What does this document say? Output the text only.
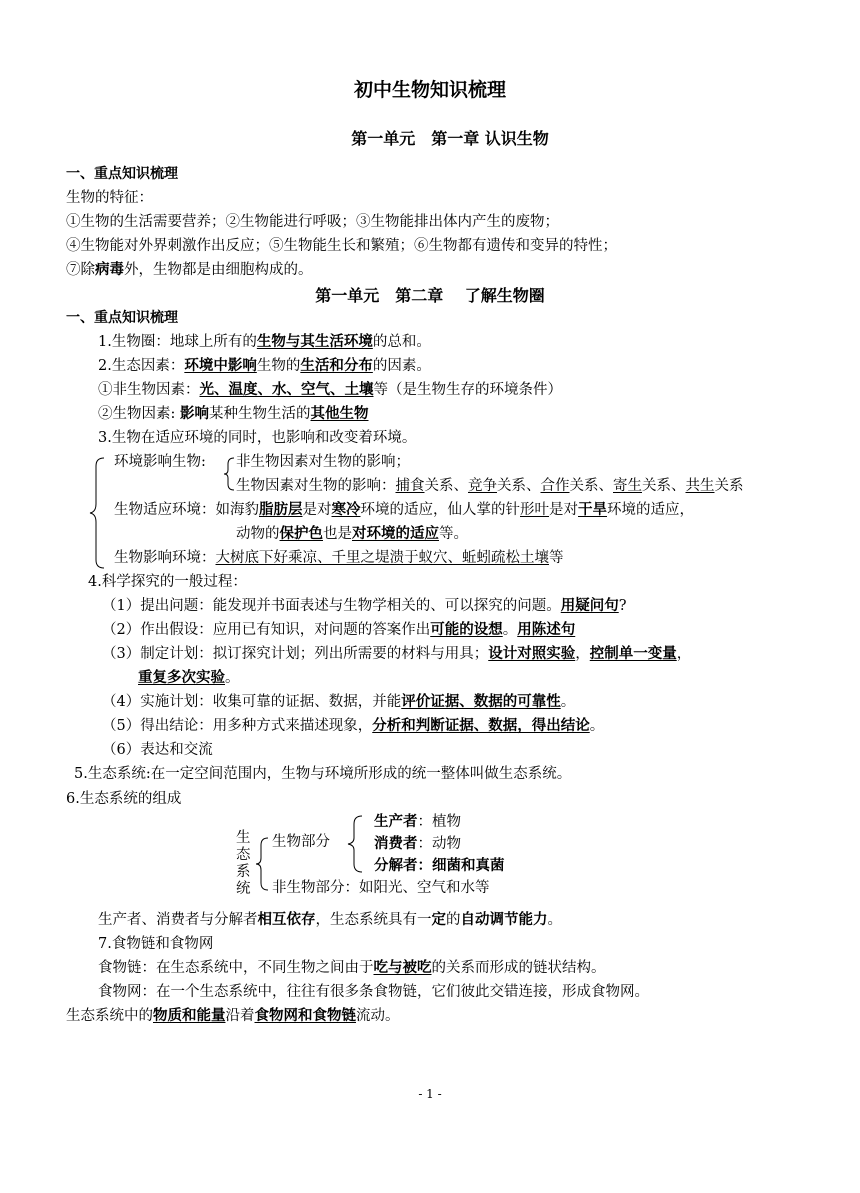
初中生物知识梳理
第一单元　第一章 认识生物
一、重点知识梳理
生物的特征：
①生物的生活需要营养；②生物能进行呼吸；③生物能排出体内产生的废物；
④生物能对外界刺激作出反应；⑤生物能生长和繁殖；⑥生物都有遗传和变异的特性；
⑦除病毒外，生物都是由细胞构成的。
第一单元　第二章　 了解生物圈
一、重点知识梳理
1.生物圈：地球上所有的生物与其生活环境的总和。
2.生态因素：环境中影响生物的生活和分布的因素。
①非生物因素：光、温度、水、空气、土壤等（是生物生存的环境条件）
②生物因素: 影响某种生物生活的其他生物
3.生物在适应环境的同时，也影响和改变着环境。
环境影响生物: 非生物因素对生物的影响；
生物因素对生物的影响：捕食关系、竞争关系、合作关系、寄生关系、共生关系
生物适应环境：如海豹脂肪层是对寒冷环境的适应，仙人掌的针形叶是对干旱环境的适应，
动物的保护色也是对环境的适应等。
生物影响环境：大树底下好乘凉、千里之堤溃于蚁穴、蚯蚓疏松土壤等
4.科学探究的一般过程：
（1）提出问题：能发现并书面表述与生物学相关的、可以探究的问题。用疑问句?
（2）作出假设：应用已有知识，对问题的答案作出可能的设想。用陈述句
（3）制定计划：拟订探究计划；列出所需要的材料与用具；设计对照实验，控制单一变量，
重复多次实验。
（4）实施计划：收集可靠的证据、数据，并能评价证据、数据的可靠性。
（5）得出结论：用多种方式来描述现象，分析和判断证据、数据，得出结论。
（6）表达和交流
5.生态系统:在一定空间范围内，生物与环境所形成的统一整体叫做生态系统。
6.生态系统的组成
生
态
系
统
生物部分
生产者：植物
消费者：动物
分解者：细菌和真菌
非生物部分：如阳光、空气和水等
生产者、消费者与分解者相互依存，生态系统具有一定的自动调节能力。
7.食物链和食物网
食物链：在生态系统中，不同生物之间由于吃与被吃的关系而形成的链状结构。
食物网：在一个生态系统中，往往有很多条食物链，它们彼此交错连接，形成食物网。
生态系统中的物质和能量沿着食物网和食物链流动。
- 1 -
